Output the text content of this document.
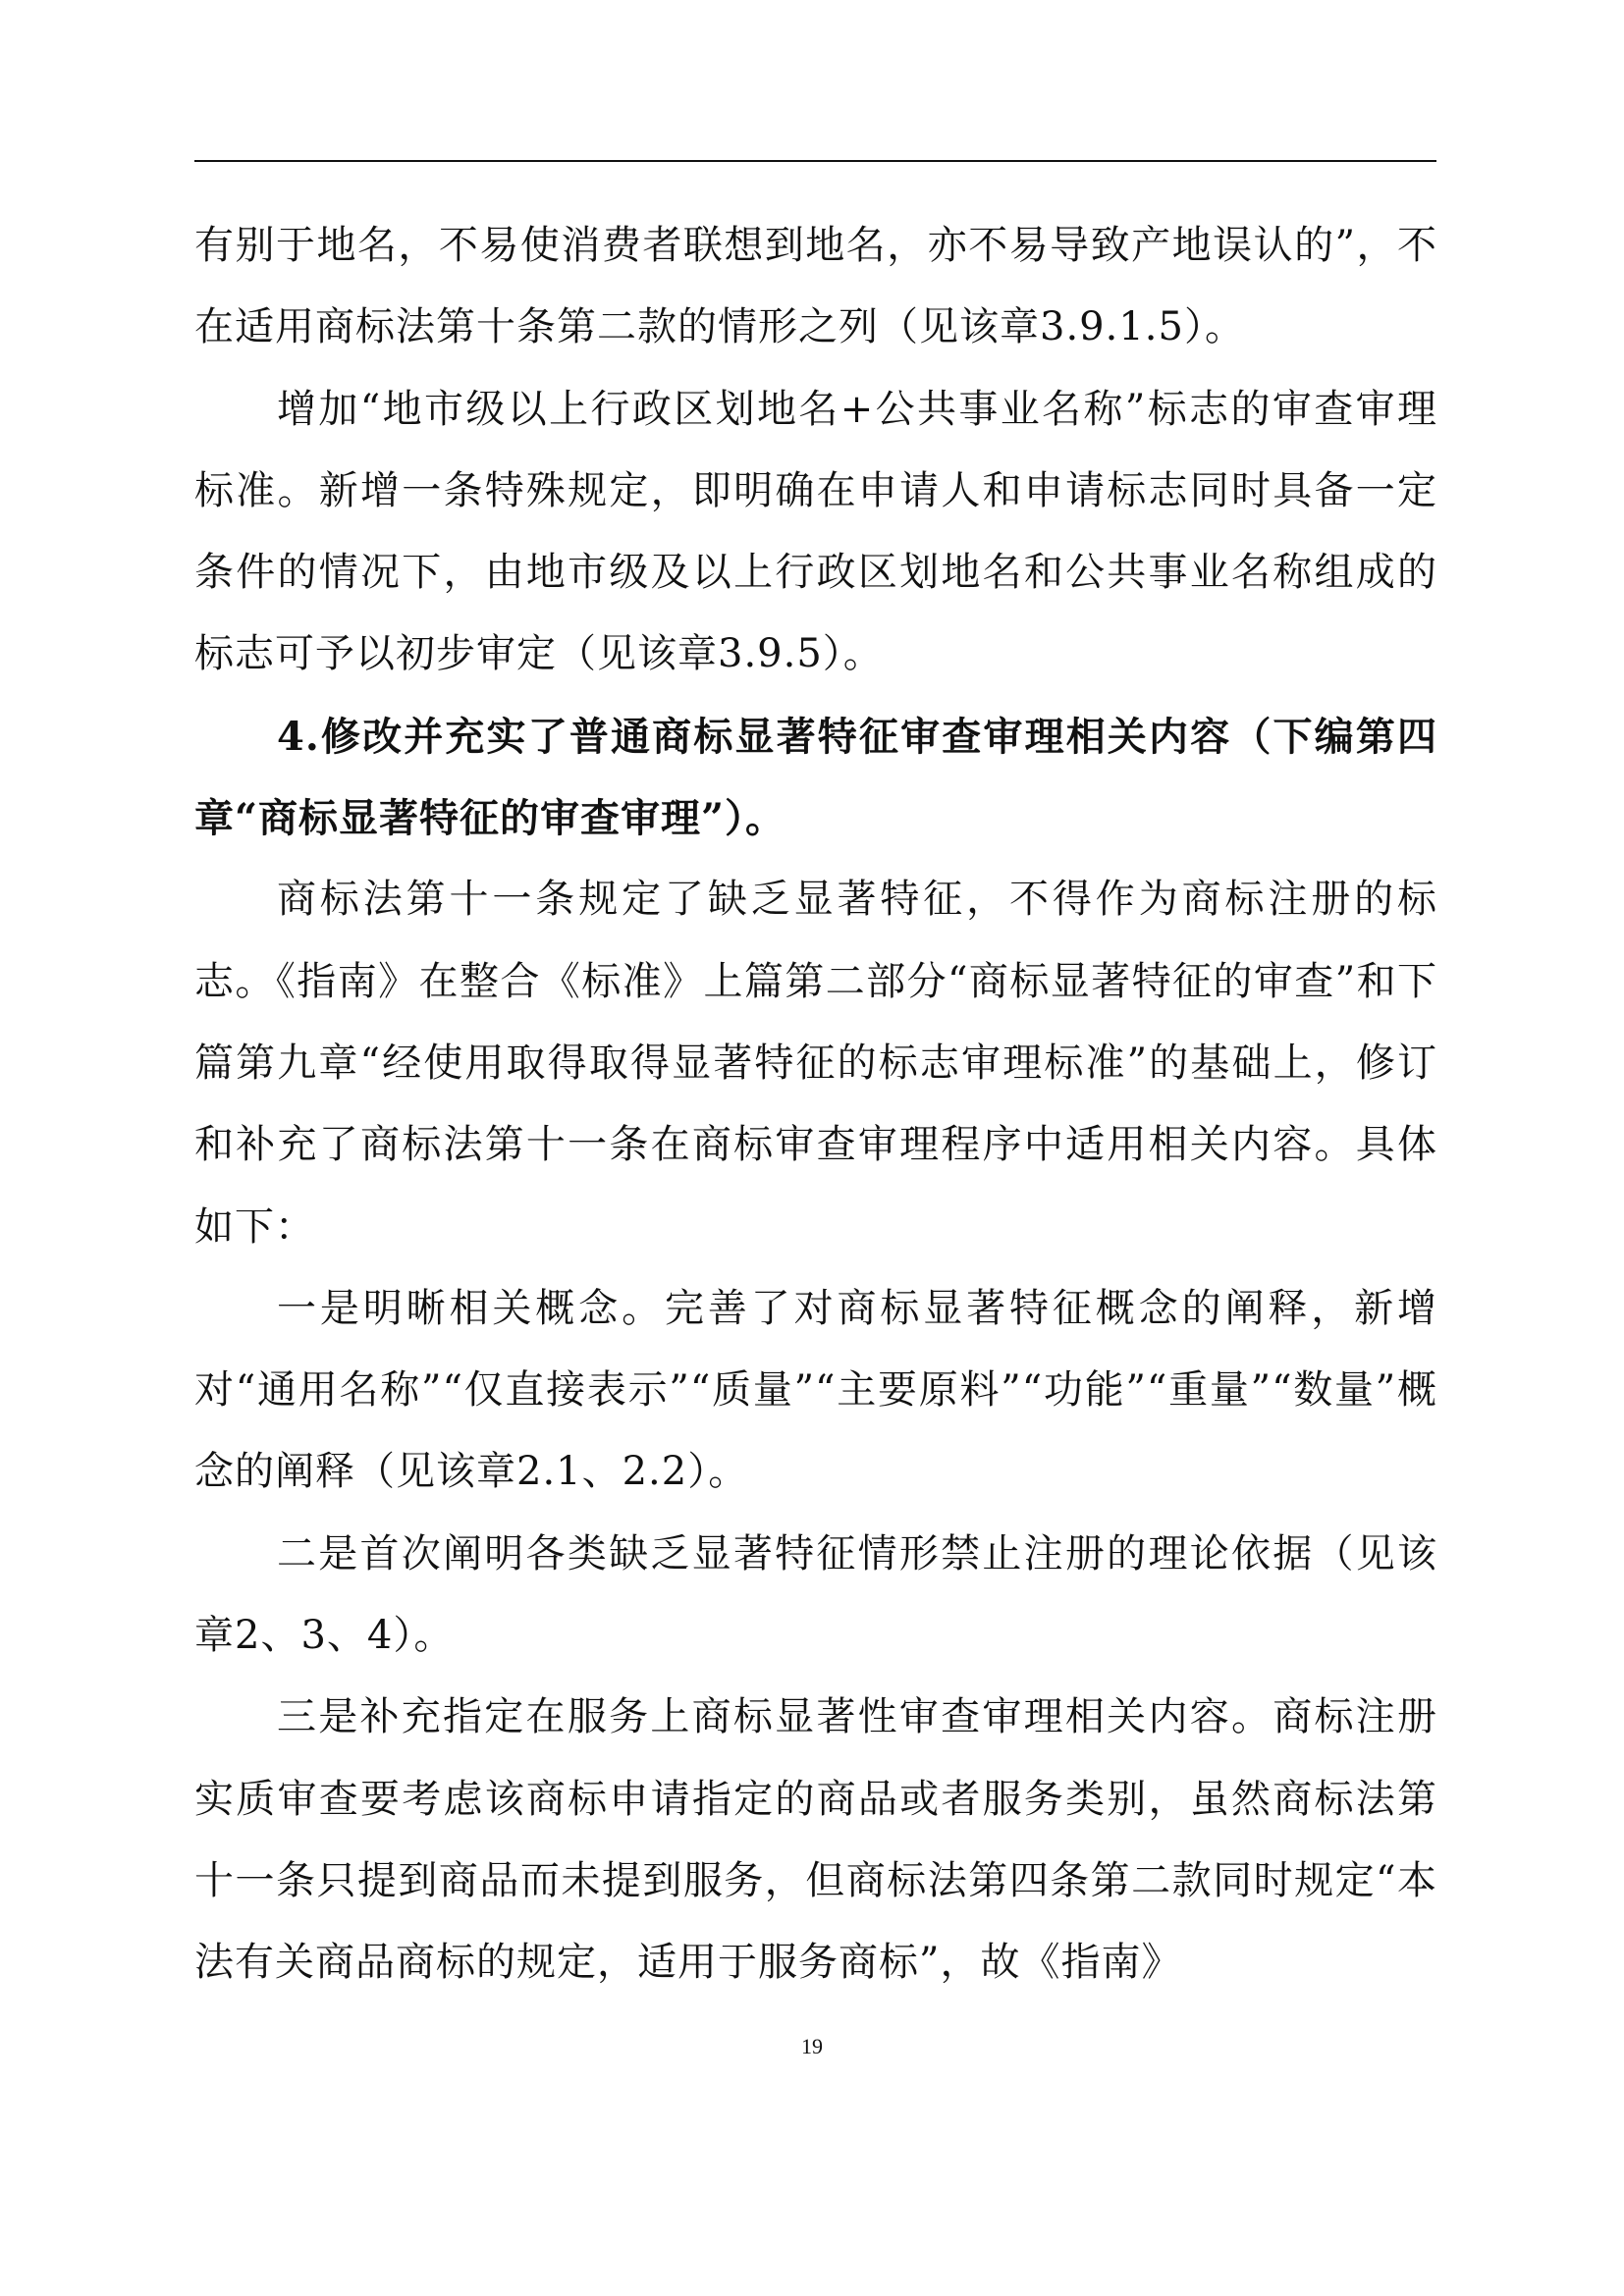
有别于地名，不易使消费者联想到地名，亦不易导致产地误认的”，不在适用商标法第十条第二款的情形之列（见该章3.9.1.5）。

增加“地市级以上行政区划地名+公共事业名称”标志的审查审理标准。新增一条特殊规定，即明确在申请人和申请标志同时具备一定条件的情况下，由地市级及以上行政区划地名和公共事业名称组成的标志可予以初步审定（见该章3.9.5）。

4.修改并充实了普通商标显著特征审查审理相关内容（下编第四章“商标显著特征的审查审理”）。

商标法第十一条规定了缺乏显著特征，不得作为商标注册的标志。《指南》在整合《标准》上篇第二部分“商标显著特征的审查”和下篇第九章“经使用取得取得显著特征的标志审理标准”的基础上，修订和补充了商标法第十一条在商标审查审理程序中适用相关内容。具体如下：

一是明晰相关概念。完善了对商标显著特征概念的阐释，新增对“通用名称”“仅直接表示”“质量”“主要原料”“功能”“重量”“数量”概念的阐释（见该章2.1、2.2）。

二是首次阐明各类缺乏显著特征情形禁止注册的理论依据（见该章2、3、4）。

三是补充指定在服务上商标显著性审查审理相关内容。商标注册实质审查要考虑该商标申请指定的商品或者服务类别，虽然商标法第十一条只提到商品而未提到服务，但商标法第四条第二款同时规定“本法有关商品商标的规定，适用于服务商标”，故《指南》

19
